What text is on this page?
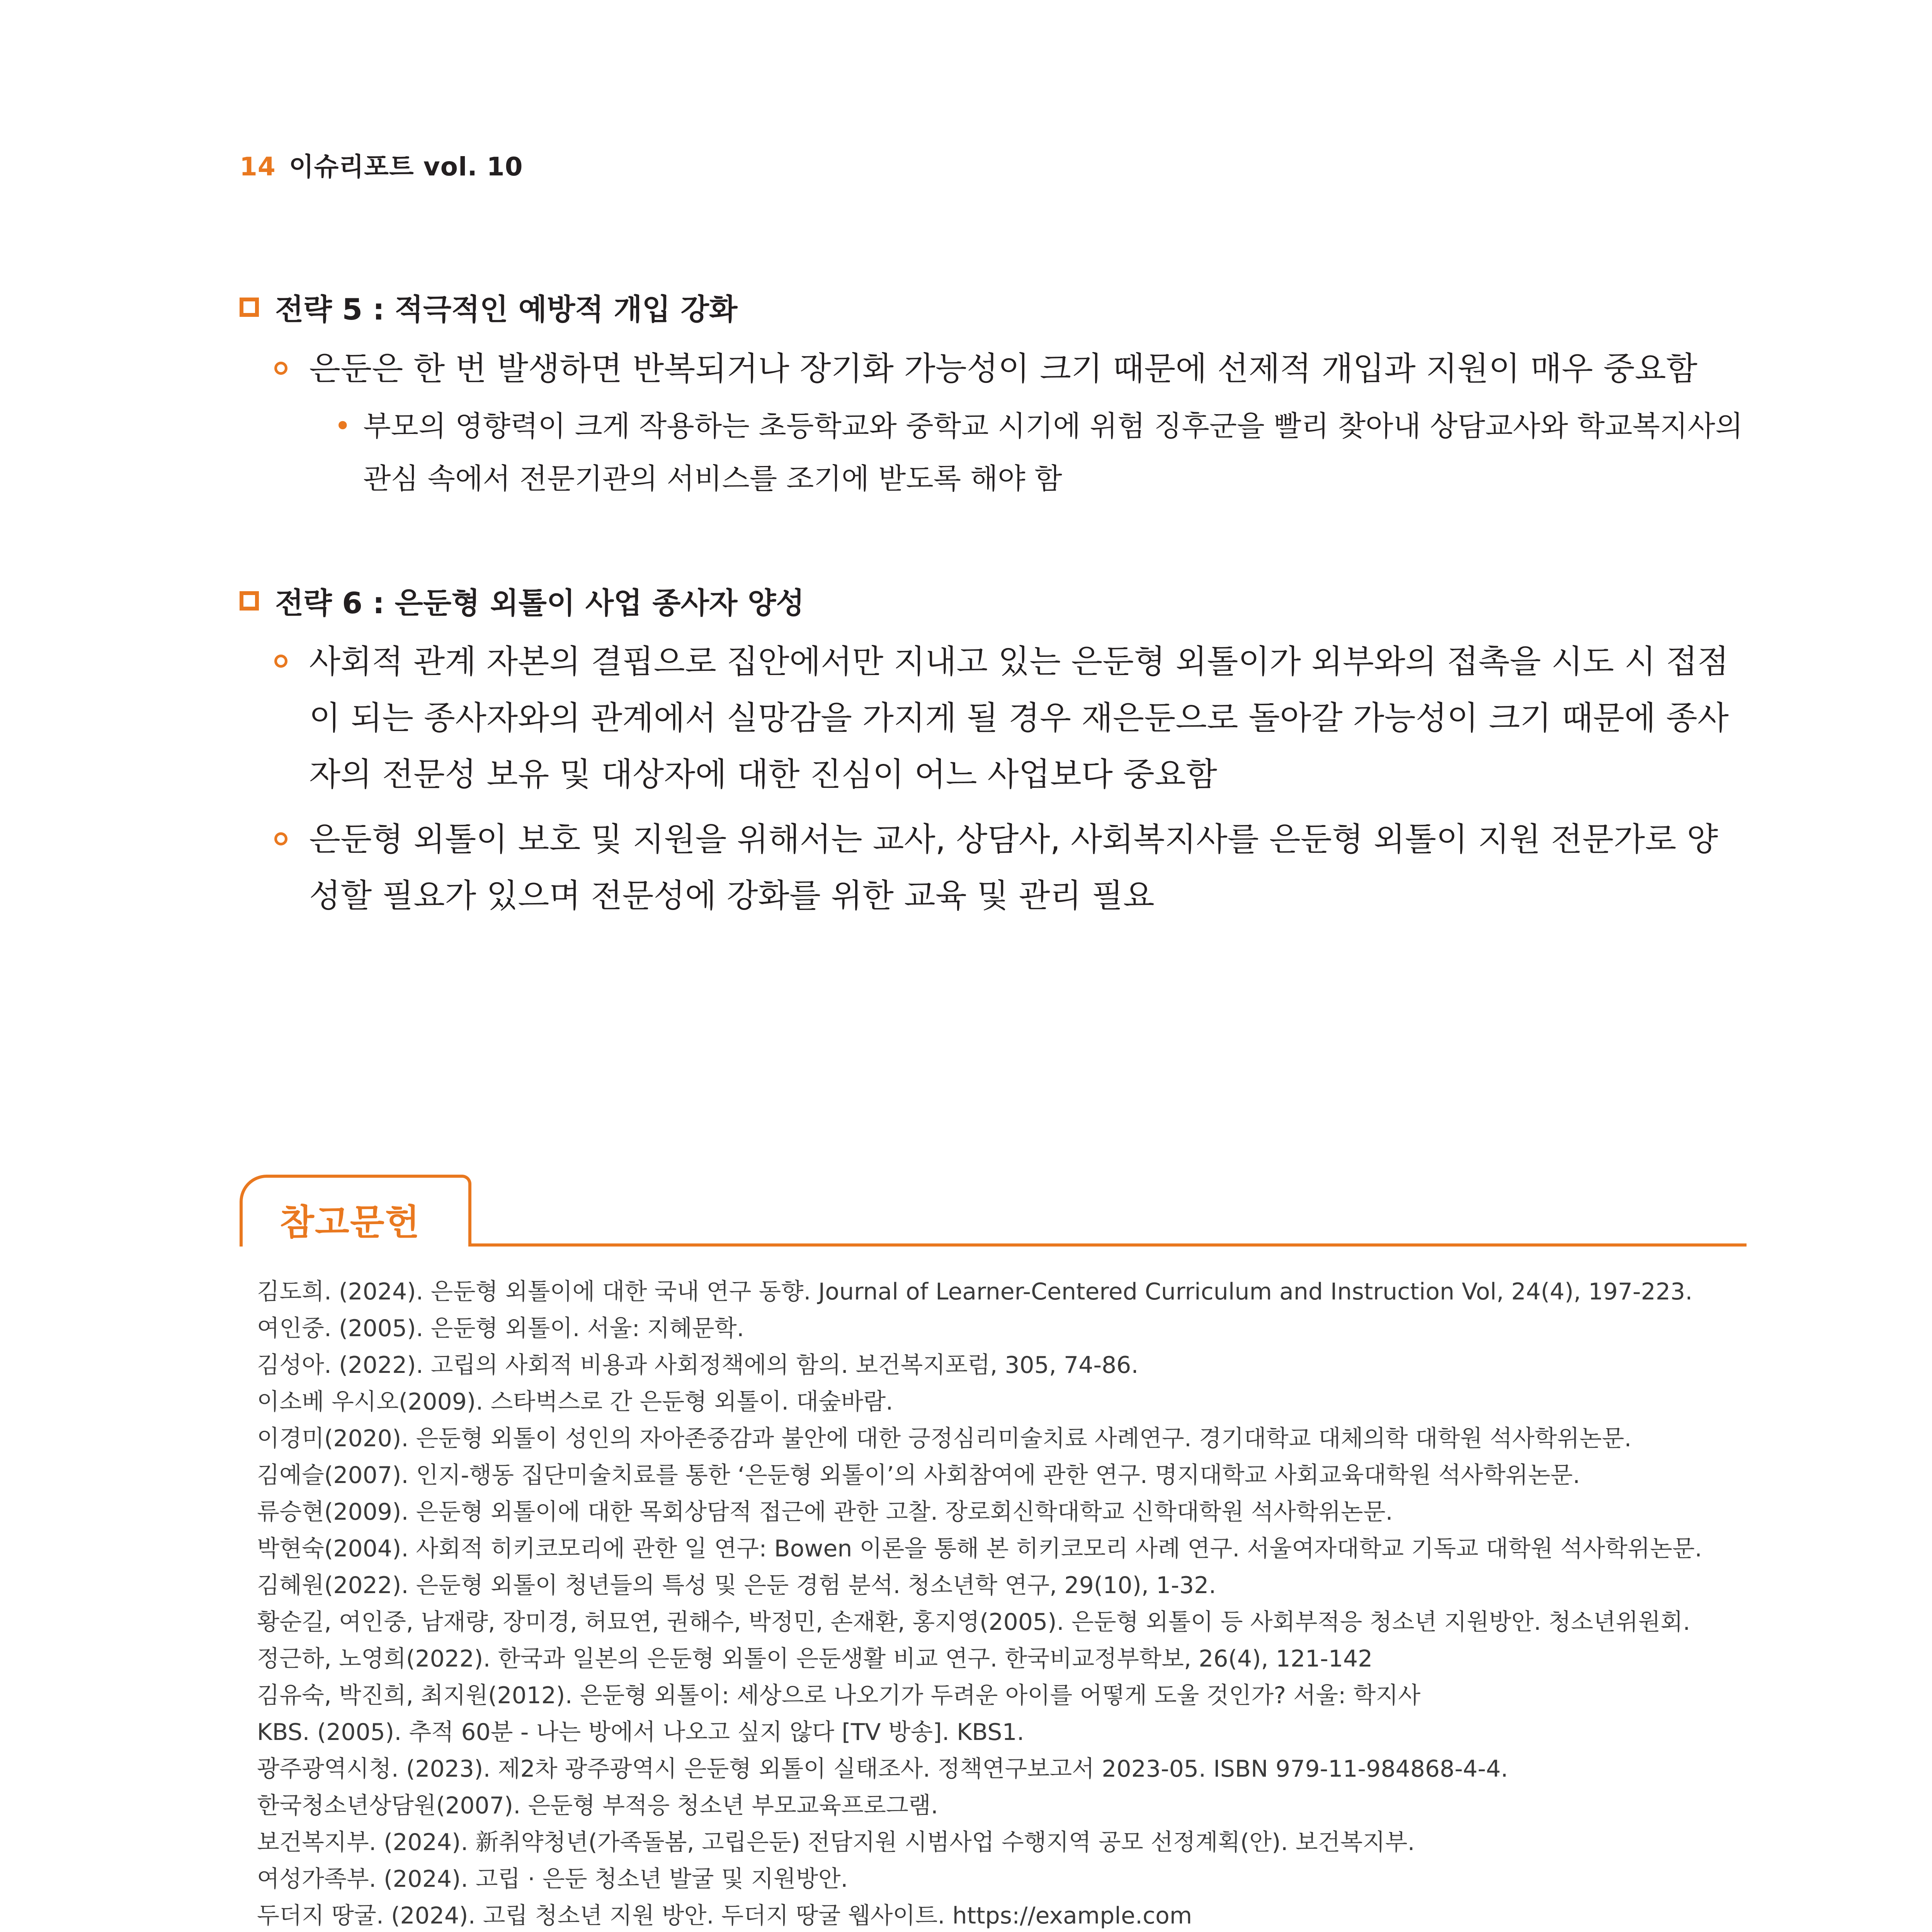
14 이슈리포트 vol. 10
전략 5 : 적극적인 예방적 개입 강화
은둔은 한 번 발생하면 반복되거나 장기화 가능성이 크기 때문에 선제적 개입과 지원이 매우 중요함
• 부모의 영향력이 크게 작용하는 초등학교와 중학교 시기에 위험 징후군을 빨리 찾아내 상담교사와 학교복지사의 관심 속에서 전문기관의 서비스를 조기에 받도록 해야 함
전략 6 : 은둔형 외톨이 사업 종사자 양성
사회적 관계 자본의 결핍으로 집안에서만 지내고 있는 은둔형 외톨이가 외부와의 접촉을 시도 시 접점이 되는 종사자와의 관계에서 실망감을 가지게 될 경우 재은둔으로 돌아갈 가능성이 크기 때문에 종사자의 전문성 보유 및 대상자에 대한 진심이 어느 사업보다 중요함
은둔형 외톨이 보호 및 지원을 위해서는 교사, 상담사, 사회복지사를 은둔형 외톨이 지원 전문가로 양성할 필요가 있으며 전문성에 강화를 위한 교육 및 관리 필요
참고문헌
김도희. (2024). 은둔형 외톨이에 대한 국내 연구 동향. Journal of Learner-Centered Curriculum and Instruction Vol, 24(4), 197-223.
여인중. (2005). 은둔형 외톨이. 서울: 지혜문학.
김성아. (2022). 고립의 사회적 비용과 사회정책에의 함의. 보건복지포럼, 305, 74-86.
이소베 우시오(2009). 스타벅스로 간 은둔형 외톨이. 대숲바람.
이경미(2020). 은둔형 외톨이 성인의 자아존중감과 불안에 대한 긍정심리미술치료 사례연구. 경기대학교 대체의학 대학원 석사학위논문.
김예슬(2007). 인지-행동 집단미술치료를 통한 ‘은둔형 외톨이’의 사회참여에 관한 연구. 명지대학교 사회교육대학원 석사학위논문.
류승현(2009). 은둔형 외톨이에 대한 목회상담적 접근에 관한 고찰. 장로회신학대학교 신학대학원 석사학위논문.
박현숙(2004). 사회적 히키코모리에 관한 일 연구: Bowen 이론을 통해 본 히키코모리 사례 연구. 서울여자대학교 기독교 대학원 석사학위논문.
김혜원(2022). 은둔형 외톨이 청년들의 특성 및 은둔 경험 분석. 청소년학 연구, 29(10), 1-32.
황순길, 여인중, 남재량, 장미경, 허묘연, 권해수, 박정민, 손재환, 홍지영(2005). 은둔형 외톨이 등 사회부적응 청소년 지원방안. 청소년위원회.
정근하, 노영희(2022). 한국과 일본의 은둔형 외톨이 은둔생활 비교 연구. 한국비교정부학보, 26(4), 121-142
김유숙, 박진희, 최지원(2012). 은둔형 외톨이: 세상으로 나오기가 두려운 아이를 어떻게 도울 것인가? 서울: 학지사
KBS. (2005). 추적 60분 - 나는 방에서 나오고 싶지 않다 [TV 방송]. KBS1.
광주광역시청. (2023). 제2차 광주광역시 은둔형 외톨이 실태조사. 정책연구보고서 2023-05. ISBN 979-11-984868-4-4.
한국청소년상담원(2007). 은둔형 부적응 청소년 부모교육프로그램.
보건복지부. (2024). 新취약청년(가족돌봄, 고립은둔) 전담지원 시범사업 수행지역 공모 선정계획(안). 보건복지부.
여성가족부. (2024). 고립 · 은둔 청소년 발굴 및 지원방안.
두더지 땅굴. (2024). 고립 청소년 지원 방안. 두더지 땅굴 웹사이트. https://example.com
